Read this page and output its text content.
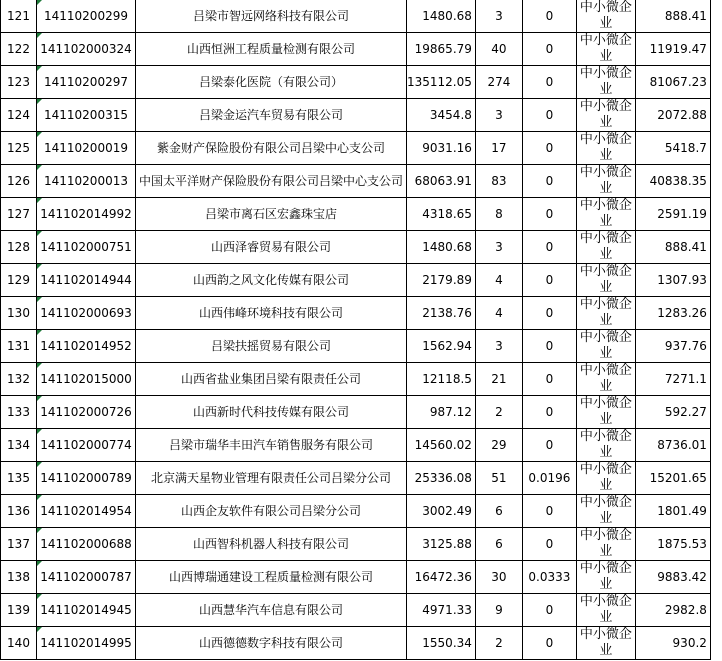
121	14110200299	吕梁市智远网络科技有限公司	1480.68	3	0	中小微企业	888.41
122	141102000324	山西恒洲工程质量检测有限公司	19865.79	40	0	中小微企业	11919.47
123	14110200297	吕梁泰化医院（有限公司）	135112.05	274	0	中小微企业	81067.23
124	14110200315	吕梁金运汽车贸易有限公司	3454.8	3	0	中小微企业	2072.88
125	14110200019	紫金财产保险股份有限公司吕梁中心支公司	9031.16	17	0	中小微企业	5418.7
126	14110200013	中国太平洋财产保险股份有限公司吕梁中心支公司	68063.91	83	0	中小微企业	40838.35
127	141102014992	吕梁市离石区宏鑫珠宝店	4318.65	8	0	中小微企业	2591.19
128	141102000751	山西泽睿贸易有限公司	1480.68	3	0	中小微企业	888.41
129	141102014944	山西韵之风文化传媒有限公司	2179.89	4	0	中小微企业	1307.93
130	141102000693	山西伟峰环境科技有限公司	2138.76	4	0	中小微企业	1283.26
131	141102014952	吕梁扶摇贸易有限公司	1562.94	3	0	中小微企业	937.76
132	141102015000	山西省盐业集团吕梁有限责任公司	12118.5	21	0	中小微企业	7271.1
133	141102000726	山西新时代科技传媒有限公司	987.12	2	0	中小微企业	592.27
134	141102000774	吕梁市瑞华丰田汽车销售服务有限公司	14560.02	29	0	中小微企业	8736.01
135	141102000789	北京满天星物业管理有限责任公司吕梁分公司	25336.08	51	0.0196	中小微企业	15201.65
136	141102014954	山西企友软件有限公司吕梁分公司	3002.49	6	0	中小微企业	1801.49
137	141102000688	山西智科机器人科技有限公司	3125.88	6	0	中小微企业	1875.53
138	141102000787	山西博瑞通建设工程质量检测有限公司	16472.36	30	0.0333	中小微企业	9883.42
139	141102014945	山西慧华汽车信息有限公司	4971.33	9	0	中小微企业	2982.8
140	141102014995	山西德德数字科技有限公司	1550.34	2	0	中小微企业	930.2
